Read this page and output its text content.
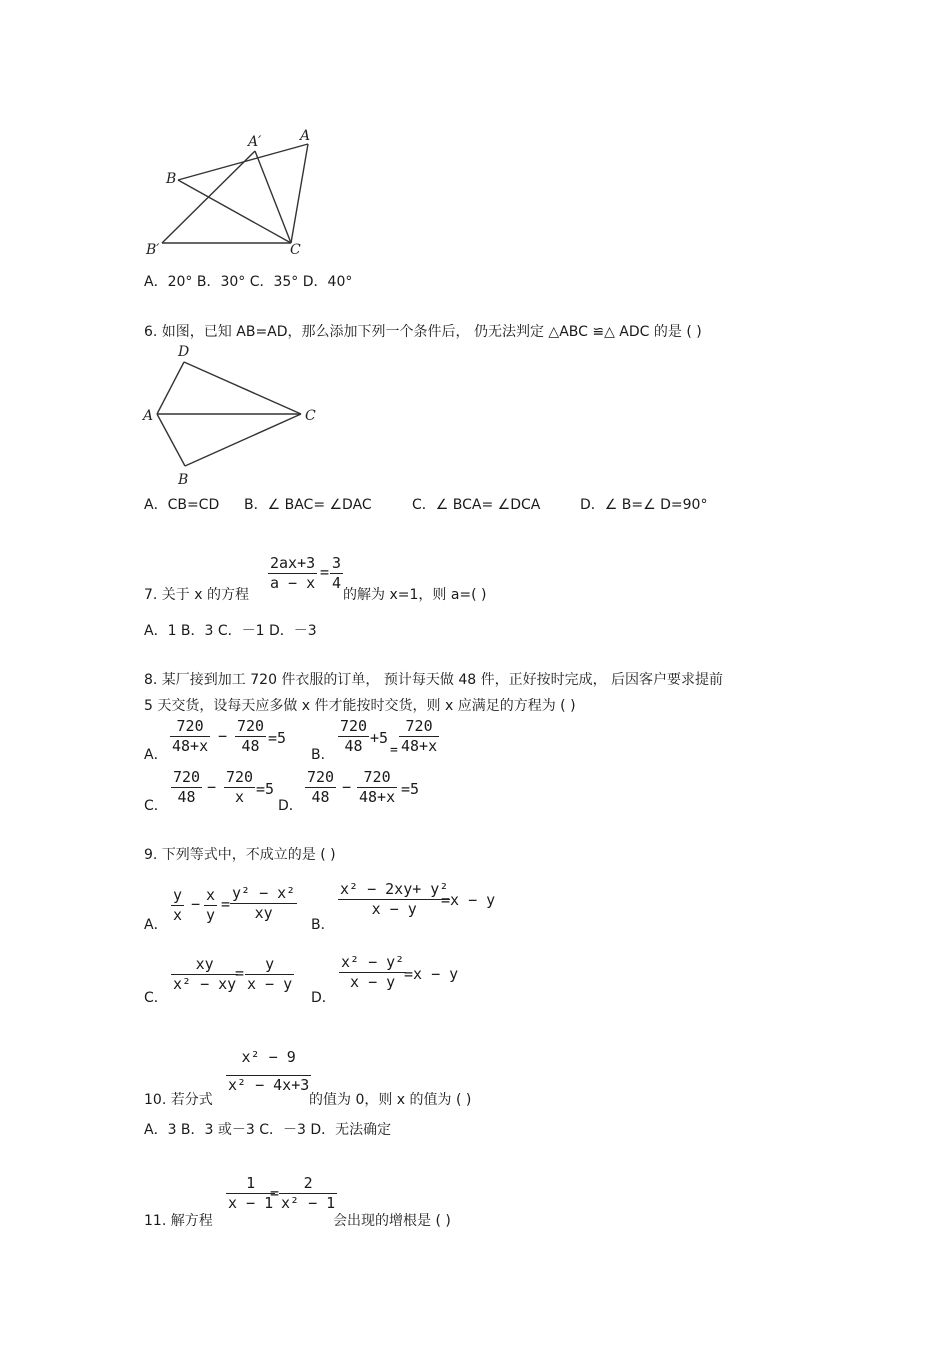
A′	A
B
B′	C
A．20° B．30° C．35° D．40°
6. 如图，已知 AB=AD，那么添加下列一个条件后， 仍无法判定 △ABC ≌△ ADC 的是 ( )
D
A	C
B
A．CB=CD B．∠ BAC= ∠DAC	C．∠ BCA= ∠DCA	D．∠ B=∠ D=90°
7. 关于 x 的方程
2ax+3
a − x
= 3
4
的解为 x=1，则 a=( )
A．1 B．3 C．－1 D．－3
8. 某厂接到加工 720 件衣服的订单， 预计每天做 48 件，正好按时完成， 后因客户要求提前
5 天交货，设每天应多做 x 件才能按时交货，则 x 应满足的方程为 ( )
A．
720
48+x
−
720
48 =5
B．
720
48 +5
=
720
48+x
C．
720
48
−
720
x =5
D．
720
48
−
720
48+x =5
9. 下列等式中，不成立的是 ( )
A．
y
x
− x
y
=
y² − x²
xy
B．
x² − 2xy+ y²
x − y =x − y
C．
xy
x² − xy
= y
x − y
D．
x² − y²
x − y =x − y
10. 若分式
x² − 9
x² − 4x+3
的值为 0，则 x 的值为 ( )
A．3 B．3 或－3 C．－3 D．无法确定
11. 解方程
1
x − 1
=
2
x² − 1
会出现的增根是 ( )
